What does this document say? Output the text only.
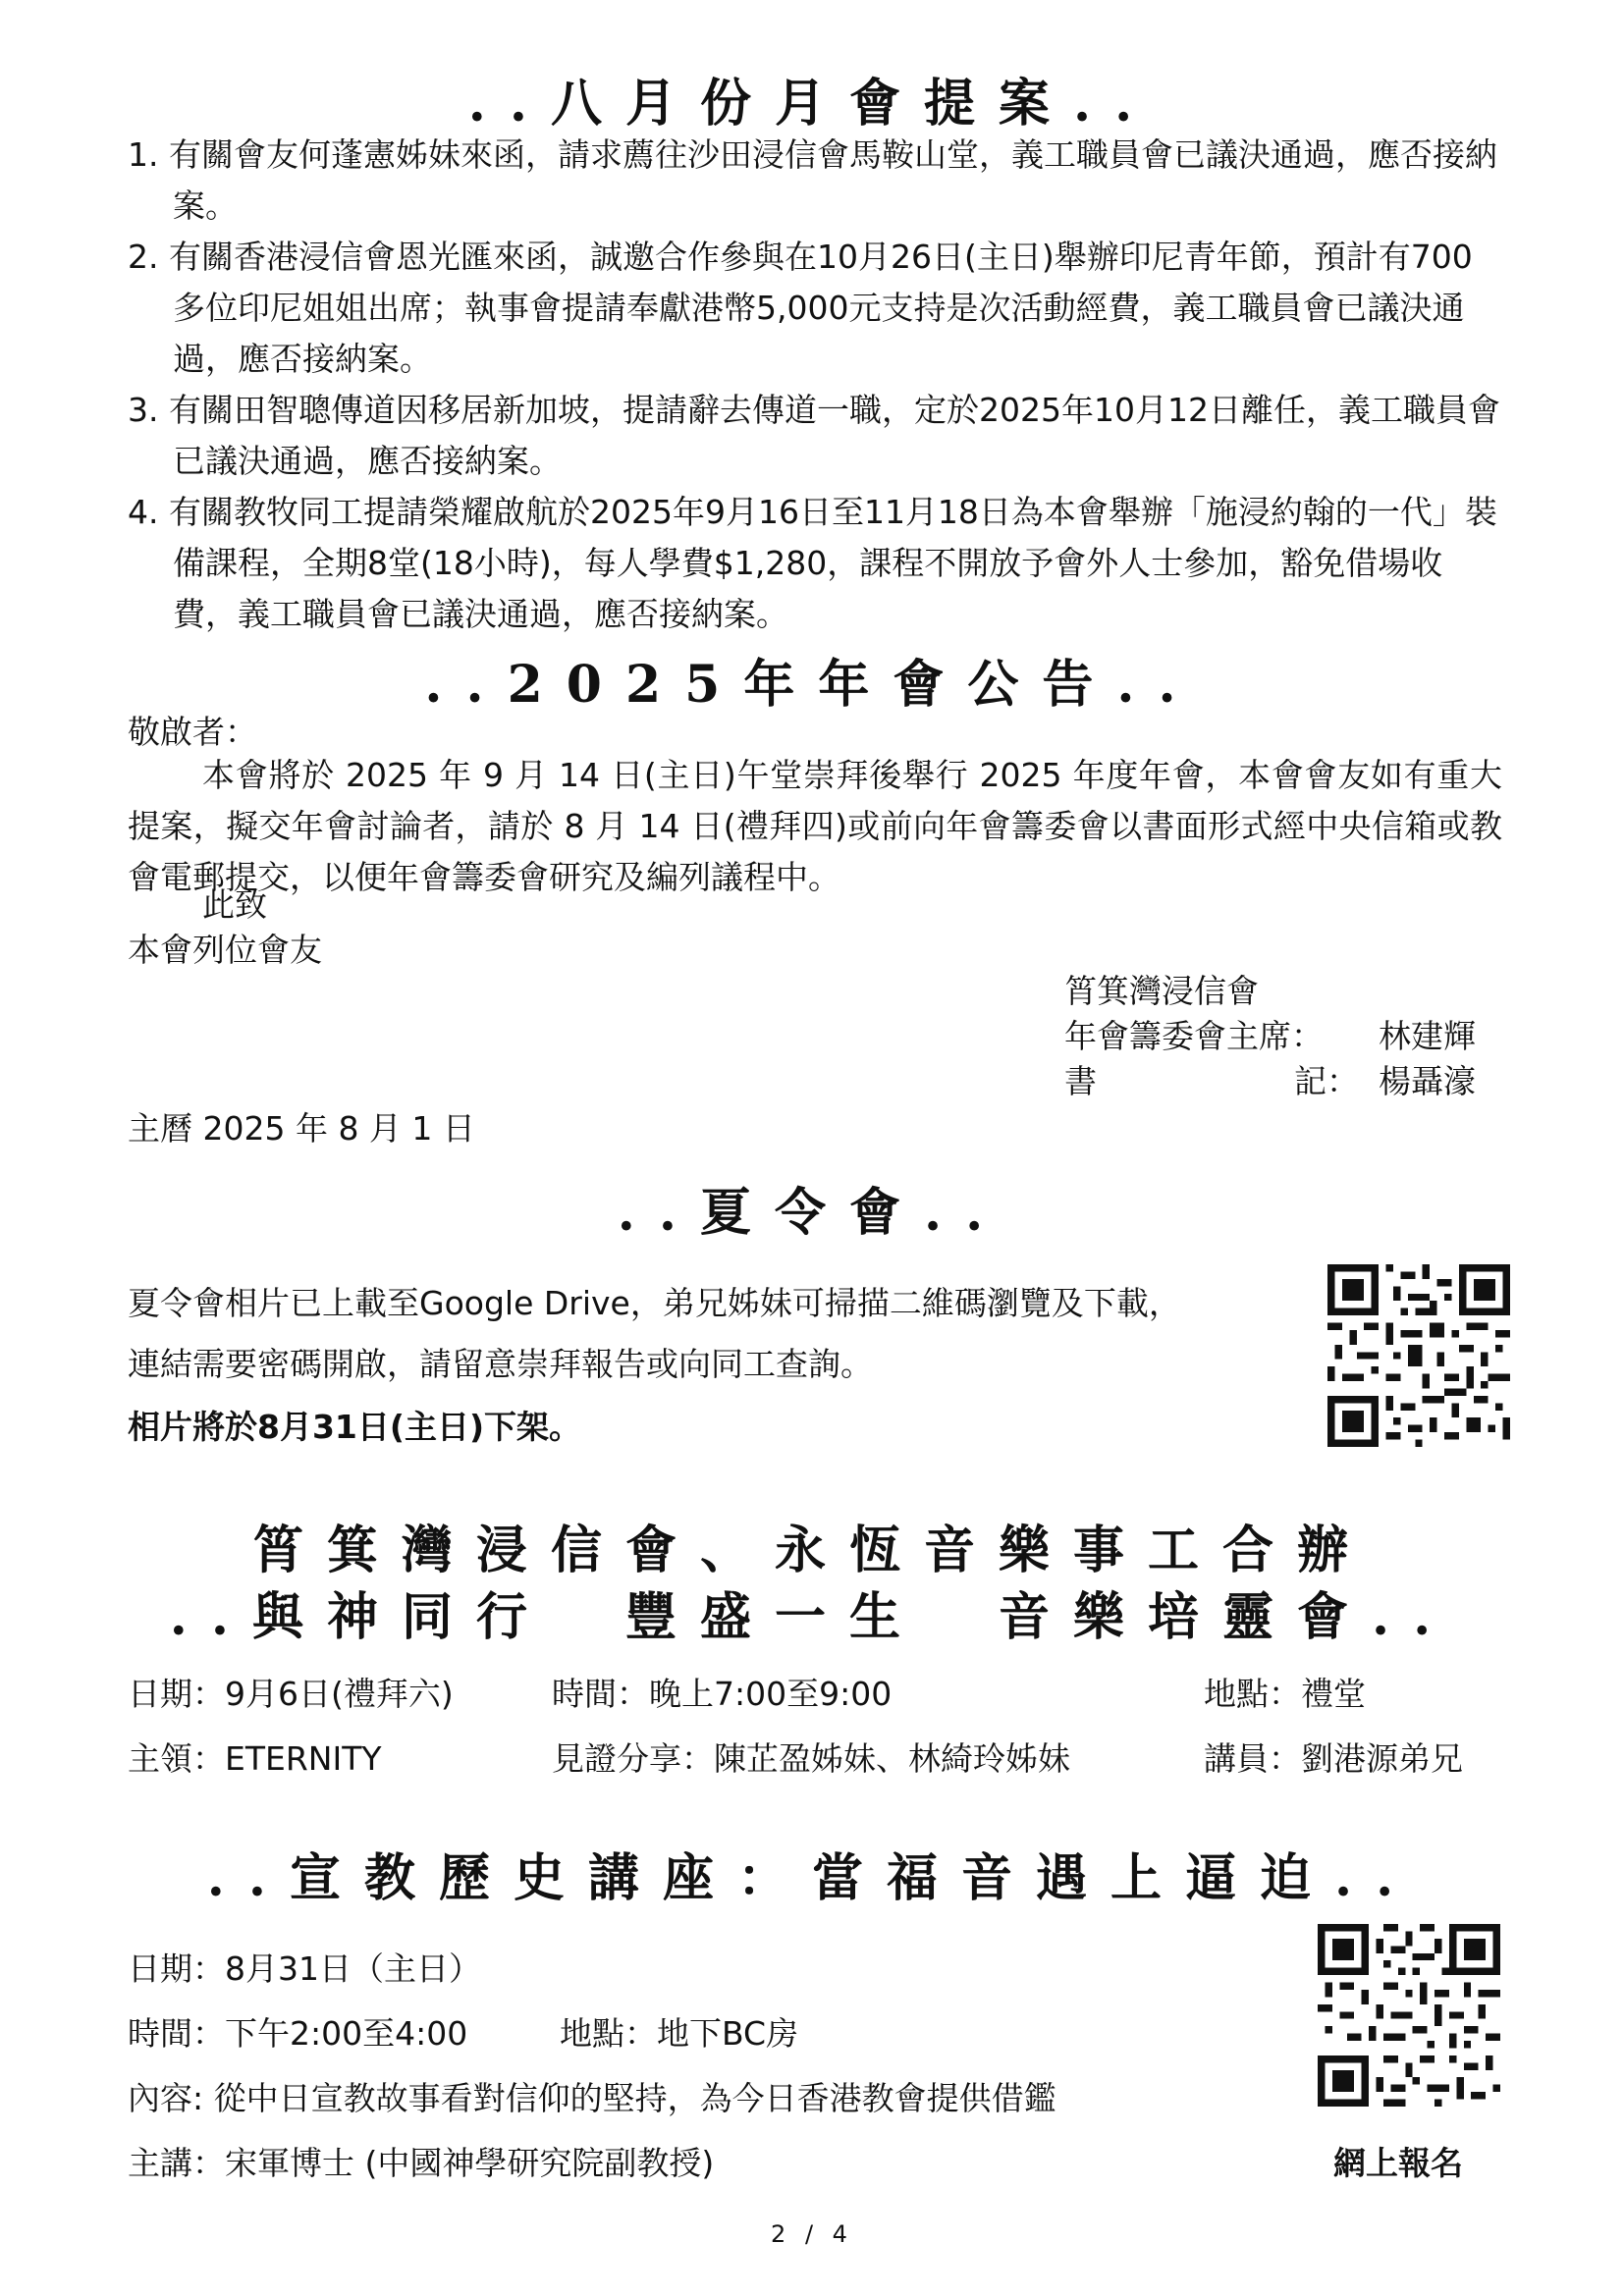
..八月份月會提案..
1. 有關會友何蓬憲姊妹來函，請求薦往沙田浸信會馬鞍山堂，義工職員會已議決通過，應否接納案。
2. 有關香港浸信會恩光匯來函，誠邀合作參與在10月26日(主日)舉辦印尼青年節，預計有700多位印尼姐姐出席；執事會提請奉獻港幣5,000元支持是次活動經費，義工職員會已議決通過，應否接納案。
3. 有關田智聰傳道因移居新加坡，提請辭去傳道一職，定於2025年10月12日離任，義工職員會已議決通過，應否接納案。
4. 有關教牧同工提請榮耀啟航於2025年9月16日至11月18日為本會舉辦「施浸約翰的一代」裝備課程，全期8堂(18小時)，每人學費$1,280，課程不開放予會外人士參加，豁免借場收費，義工職員會已議決通過，應否接納案。
..2025年年會公告..

敬啟者：

本會將於 2025 年 9 月 14 日(主日)午堂崇拜後舉行 2025 年度年會，本會會友如有重大提案，擬交年會討論者，請於 8 月 14 日(禮拜四)或前向年會籌委會以書面形式經中央信箱或教會電郵提交，以便年會籌委會研究及編列議程中。

此致

本會列位會友

筲箕灣浸信會

年會籌委會主席： 林建輝

書	記： 楊聶濠

主曆 2025 年 8 月 1 日

..夏令會..

夏令會相片已上載至Google Drive，弟兄姊妹可掃描二維碼瀏覽及下載，

連結需要密碼開啟，請留意崇拜報告或向同工查詢。

相片將於8月31日(主日)下架。

筲箕灣浸信會、永恆音樂事工合辦
..與神同行　豐盛一生　音樂培靈會..

日期：9月6日(禮拜六)	時間：晚上7:00至9:00	地點：禮堂

主領：ETERNITY	見證分享：陳芷盈姊妹、林綺玲姊妹	講員：劉港源弟兄

..宣教歷史講座：當福音遇上逼迫..

日期：8月31日（主日）

時間：下午2:00至4:00	地點：地下BC房

內容: 從中日宣教故事看對信仰的堅持，為今日香港教會提供借鑑

主講：宋軍博士 (中國神學研究院副教授)	網上報名

2 / 4
